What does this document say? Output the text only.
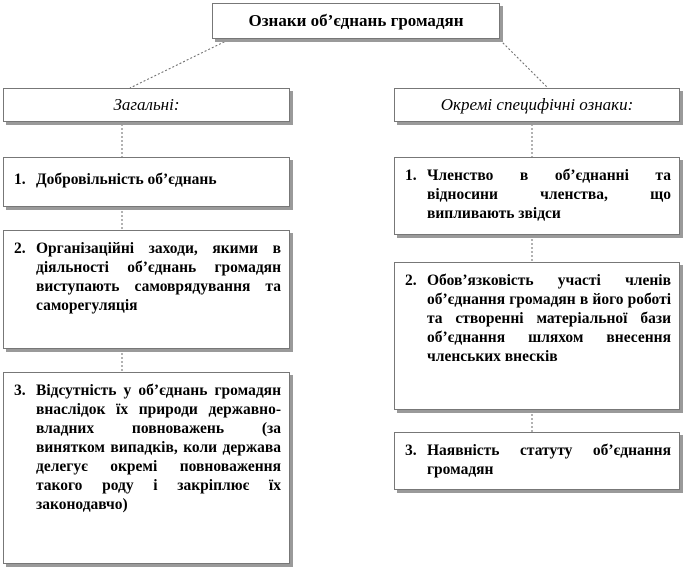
Ознаки об’єднань громадян
Загальні:
1. Добровільність об’єднань
2. Організаційні заходи, якими в діяльності об’єднань громадян виступають самоврядування та саморегуляція
3. Відсутність у об’єднань громадян внаслідок їх природи державно-владних повноважень (за винятком випадків, коли держава делегує окремі повноваження такого роду і закріплює їх законодавчо)
Окремі специфічні ознаки:
1. Членство в об’єднанні та відносини членства, що випливають звідси
2. Обов’язковість участі членів об’єднання громадян в його роботі та створенні матеріальної бази об’єднання шляхом внесення членських внесків
3. Наявність статуту об’єднання громадян
